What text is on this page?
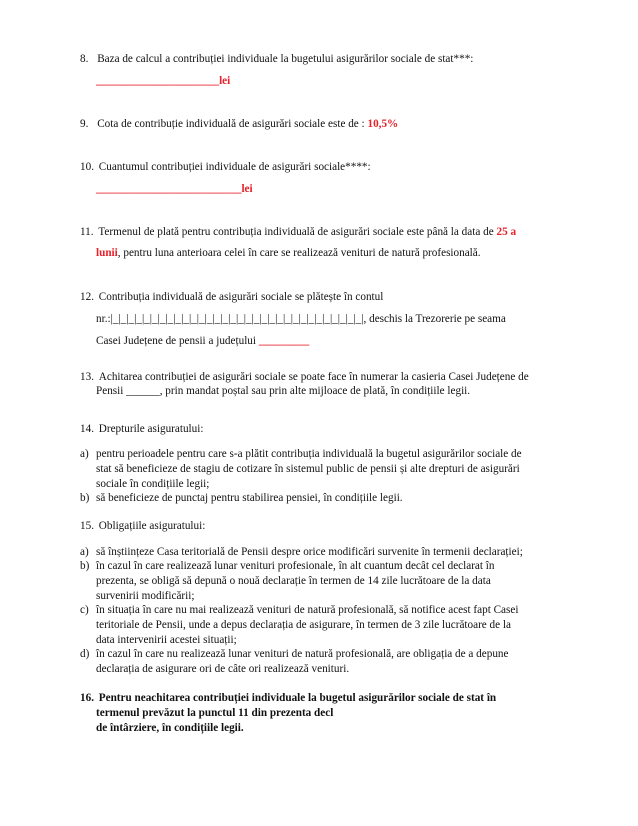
8. Baza de calcul a contribuției individuale la bugetului asigurărilor sociale de stat***:
______________________lei
9. Cota de contribuție individuală de asigurări sociale este de : 10,5%
10. Cuantumul contribuției individuale de asigurări sociale****:
__________________________lei
11. Termenul de plată pentru contribuția individuală de asigurări sociale este până la data de 25 a
lunii, pentru luna anterioara celei în care se realizează venituri de natură profesională.
12. Contribuția individuală de asigurări sociale se plătește în contul
nr.:|_|_|_|_|_|_|_|_|_|_|_|_|_|_|_|_|_|_|_|_|_|_|_|_|_|_|_|_|_|_|_|_|, deschis la Trezorerie pe seama
Casei Județene de pensii a județului _________
13. Achitarea contribuției de asigurări sociale se poate face în numerar la casieria Casei Județene de
Pensii ______, prin mandat poștal sau prin alte mijloace de plată, în condițiile legii.
14. Drepturile asiguratului:
a) pentru perioadele pentru care s-a plătit contribuția individuală la bugetul asigurărilor sociale de
stat să beneficieze de stagiu de cotizare în sistemul public de pensii și alte drepturi de asigurări
sociale în condițiile legii;
b) să beneficieze de punctaj pentru stabilirea pensiei, în condițiile legii.
15. Obligațiile asiguratului:
a) să înștiințeze Casa teritorială de Pensii despre orice modificări survenite în termenii declarației;
b) în cazul în care realizează lunar venituri profesionale, în alt cuantum decât cel declarat în
prezenta, se obligă să depună o nouă declarație în termen de 14 zile lucrătoare de la data
survenirii modificării;
c) în situația în care nu mai realizează venituri de natură profesională, să notifice acest fapt Casei
teritoriale de Pensii, unde a depus declarația de asigurare, în termen de 3 zile lucrătoare de la
data intervenirii acestei situații;
d) în cazul în care nu realizează lunar venituri de natură profesională, are obligația de a depune
declarația de asigurare ori de câte ori realizează venituri.
16. Pentru neachitarea contribuției individuale la bugetul asigurărilor sociale de stat în
termenul prevăzut la punctul 11 din prezenta decl
de întârziere, în condițiile legii.
